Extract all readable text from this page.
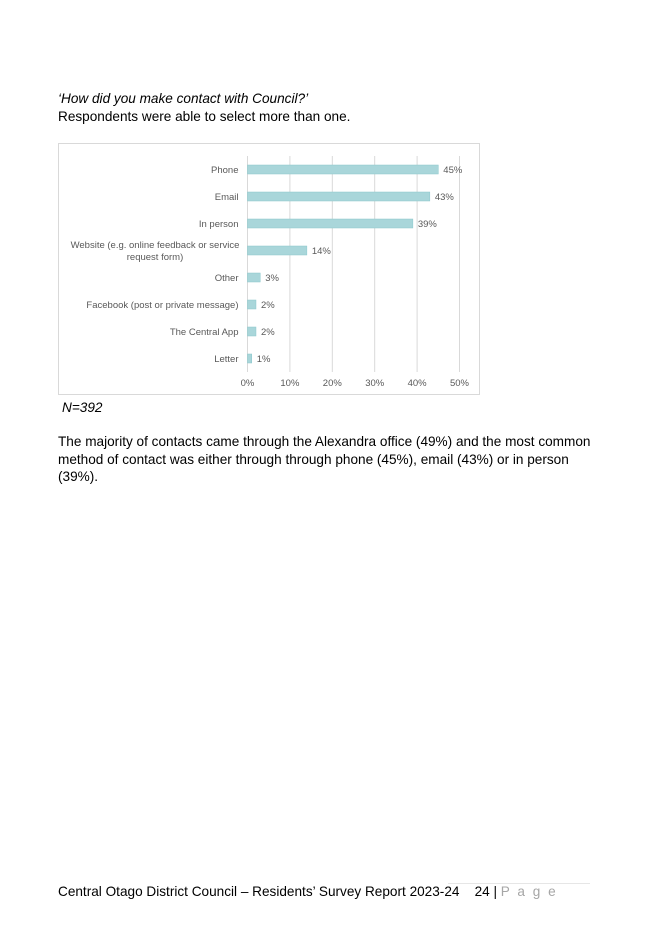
‘How did you make contact with Council?’

Respondents were able to select more than one.

0%	10% 20% 30% 40% 50%
45%
Phone
43%
Email
39%
In person
14%
Website (e.g. online feedback or service
request form)
3%
Other
2%
Facebook (post or private message)
2%
The Central App
1%
Letter

N=392

The majority of contacts came through the Alexandra office (49%) and the most common method of contact was either through through phone (45%), email (43%) or in person (39%).

Central Otago District Council – Residents’ Survey Report 2023-24 24 | P a g e
